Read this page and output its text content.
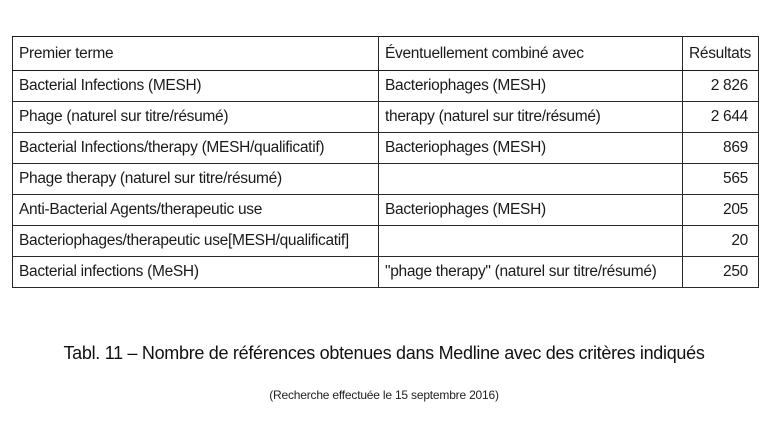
Premier terme	Éventuellement combiné avec	Résultats
Bacterial Infections (MESH)	Bacteriophages (MESH)	2 826
Phage (naturel sur titre/résumé)	therapy (naturel sur titre/résumé)	2 644
Bacterial Infections/therapy (MESH/qualificatif)	Bacteriophages (MESH)	869
Phage therapy (naturel sur titre/résumé)		565
Anti-Bacterial Agents/therapeutic use	Bacteriophages (MESH)	205
Bacteriophages/therapeutic use[MESH/qualificatif]		20
Bacterial infections (MeSH)	"phage therapy" (naturel sur titre/résumé)	250
Tabl. 11 – Nombre de références obtenues dans Medline avec des critères indiqués
(Recherche effectuée le 15 septembre 2016)
